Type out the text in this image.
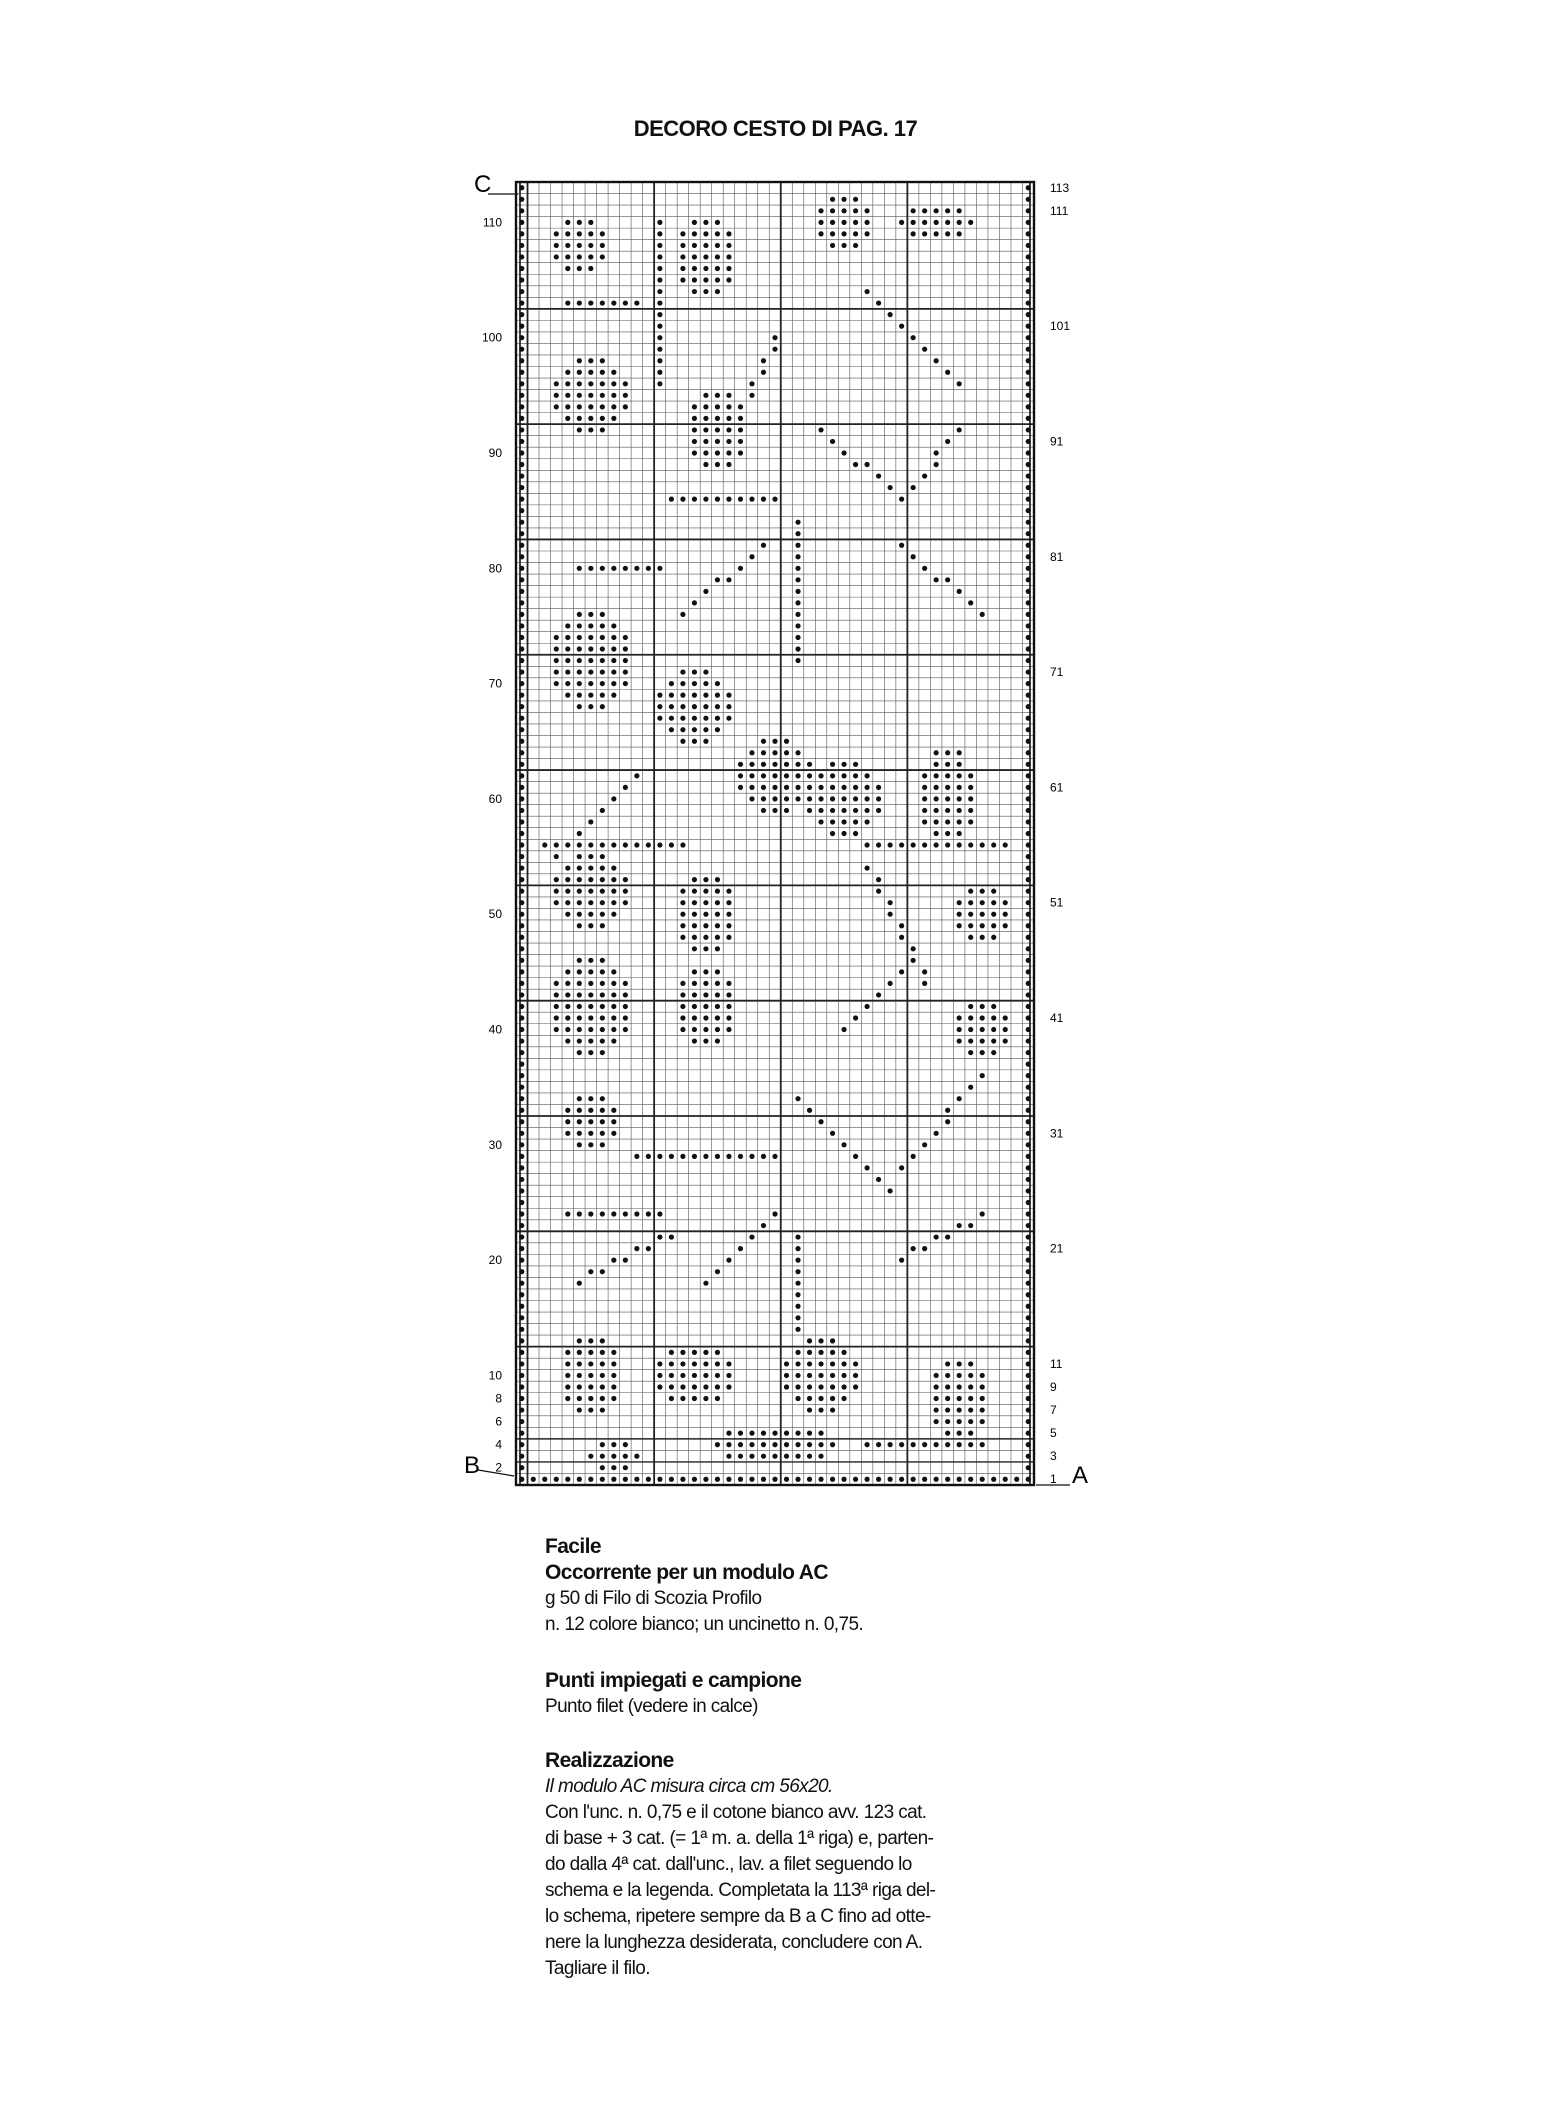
DECORO CESTO DI PAG. 17
110
100
90
80
70
60
50
40
30
20
10
8
6
4
2
113
111
101
91
81
71
61
51
41
31
21
11
9
7
5
3
1
C
B	A
Facile
Occorrente per un modulo AC
g 50 di Filo di Scozia Profilo
n. 12 colore bianco; un uncinetto n. 0,75.
Punti impiegati e campione
Punto filet (vedere in calce)
Realizzazione
Il modulo AC misura circa cm 56x20.
Con l'unc. n. 0,75 e il cotone bianco avv. 123 cat.
di base + 3 cat. (= 1ª m. a. della 1ª riga) e, parten-
do dalla 4ª cat. dall'unc., lav. a filet seguendo lo
schema e la legenda. Completata la 113ª riga del-
lo schema, ripetere sempre da B a C fino ad otte-
nere la lunghezza desiderata, concludere con A.
Tagliare il filo.
